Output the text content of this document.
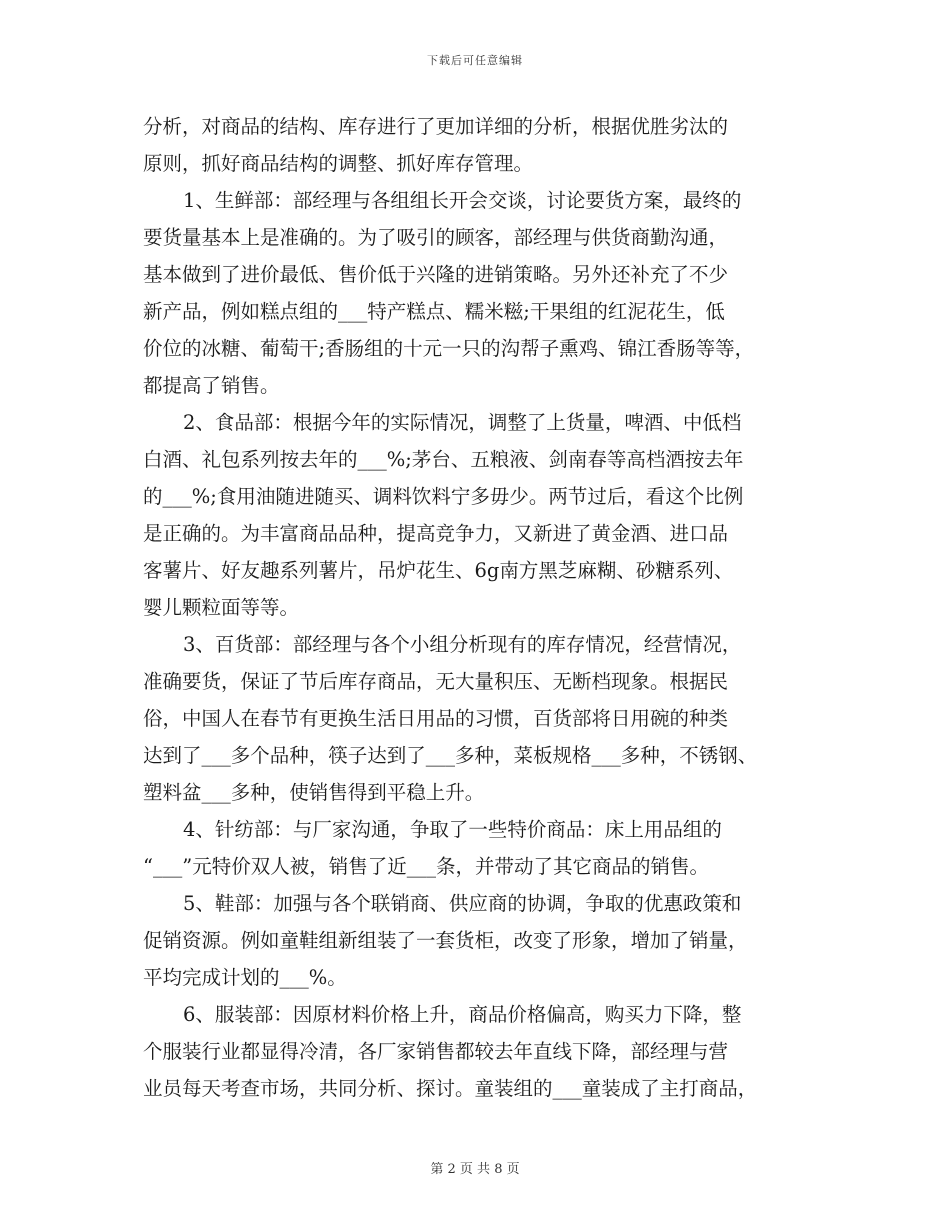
下载后可任意编辑
分析，对商品的结构、库存进行了更加详细的分析，根据优胜劣汰的
原则，抓好商品结构的调整、抓好库存管理。
1、生鲜部：部经理与各组组长开会交谈，讨论要货方案，最终的
要货量基本上是准确的。为了吸引的顾客，部经理与供货商勤沟通，
基本做到了进价最低、售价低于兴隆的进销策略。另外还补充了不少
新产品，例如糕点组的___特产糕点、糯米糍;干果组的红泥花生，低
价位的冰糖、葡萄干;香肠组的十元一只的沟帮子熏鸡、锦江香肠等等，
都提高了销售。
2、食品部：根据今年的实际情况，调整了上货量，啤酒、中低档
白酒、礼包系列按去年的___%;茅台、五粮液、剑南春等高档酒按去年
的___%;食用油随进随买、调料饮料宁多毋少。两节过后，看这个比例
是正确的。为丰富商品品种，提高竞争力，又新进了黄金酒、进口品
客薯片、好友趣系列薯片，吊炉花生、6g南方黑芝麻糊、砂糖系列、
婴儿颗粒面等等。
3、百货部：部经理与各个小组分析现有的库存情况，经营情况，
准确要货，保证了节后库存商品，无大量积压、无断档现象。根据民
俗，中国人在春节有更换生活日用品的习惯，百货部将日用碗的种类
达到了___多个品种，筷子达到了___多种，菜板规格___多种，不锈钢、
塑料盆___多种，使销售得到平稳上升。
4、针纺部：与厂家沟通，争取了一些特价商品：床上用品组的
“___”元特价双人被，销售了近___条，并带动了其它商品的销售。
5、鞋部：加强与各个联销商、供应商的协调，争取的优惠政策和
促销资源。例如童鞋组新组装了一套货柜，改变了形象，增加了销量，
平均完成计划的___%。
6、服装部：因原材料价格上升，商品价格偏高，购买力下降，整
个服装行业都显得冷清，各厂家销售都较去年直线下降，部经理与营
业员每天考查市场，共同分析、探讨。童装组的___童装成了主打商品，
第 2 页 共 8 页
